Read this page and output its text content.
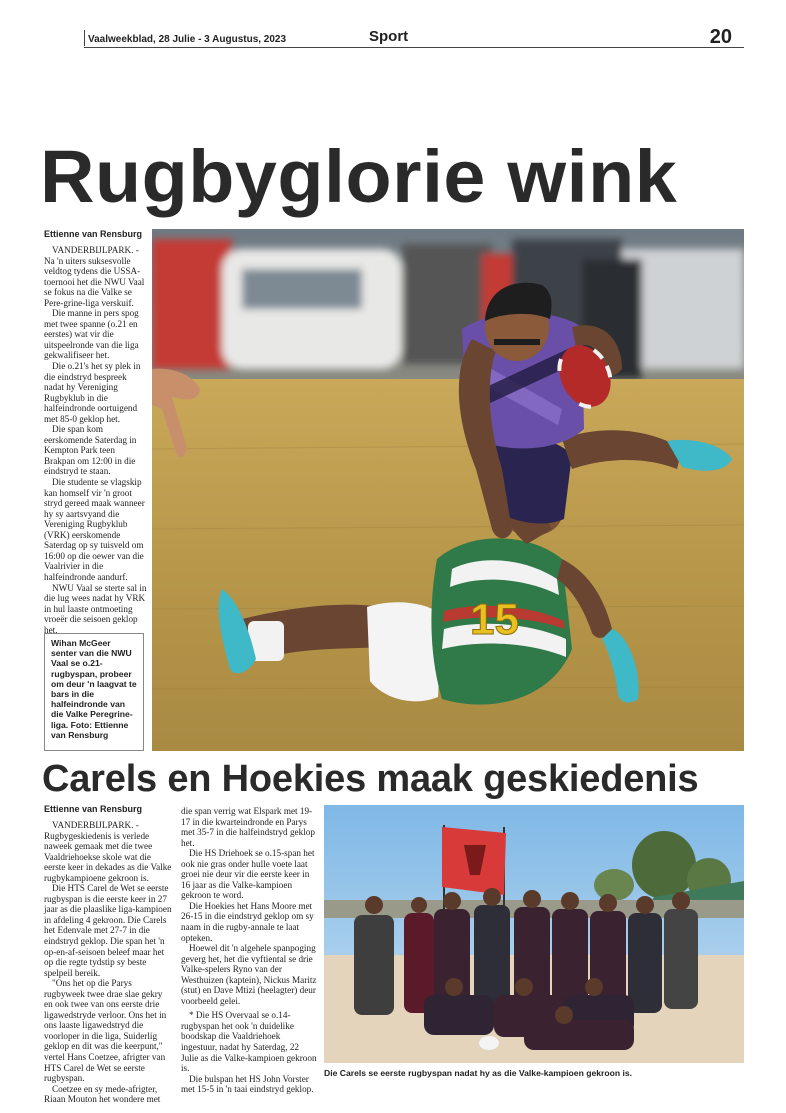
Vaalweekblad, 28 Julie - 3 Augustus, 2023	Sport	20
Rugbyglorie wink
Ettienne van Rensburg

VANDERBIJLPARK. - Na 'n uiters suksesvolle veldtog tydens die USSA-toernooi het die NWU Vaal se fokus na die Valke se Pere-grine-liga verskuif.

Die manne in pers spog met twee spanne (o.21 en eerstes) wat vir die uitspeelronde van die liga gekwalifiseer het.

Die o.21's het sy plek in die eindstryd bespreek nadat hy Vereniging Rugbyklub in die halfeindronde oortuigend met 85-0 geklop het.

Die span kom eerskomende Saterdag in Kempton Park teen Brakpan om 12:00 in die eindstryd te staan.

Die studente se vlagskip kan homself vir 'n groot stryd gereed maak wanneer hy sy aartsvyand die Vereniging Rugbyklub (VRK) eerskomende Saterdag op sy tuisveld om 16:00 op die oewer van die Vaalrivier in die halfeindronde aandurf.

NWU Vaal se sterte sal in die lug wees nadat hy VRK in hul laaste ontmoeting vroeër die seisoen geklop het.	15
Wihan McGeer senter van die NWU Vaal se o.21-rugbyspan, probeer om deur 'n laagvat te bars in die halfeindronde van die Valke Peregrine-liga. Foto: Ettienne van Rensburg
Carels en Hoekies maak geskiedenis
Ettienne van Rensburg

VANDERBIJLPARK. - Rugbygeskiedenis is verlede naweek gemaak met die twee Vaaldriehoekse skole wat die eerste keer in dekades as die Valke rugbykampioene gekroon is.

Die HTS Carel de Wet se eerste rugbyspan is die eerste keer in 27 jaar as die plaaslike liga-kampioen in afdeling 4 gekroon. Die Carels het Edenvale met 27-7 in die eindstryd geklop. Die span het 'n op-en-af-seisoen beleef maar het op die regte tydstip sy beste spelpeil bereik.

"Ons het op die Parys rugbyweek twee drae slae gekry en ook twee van ons eerste drie ligawedstryde verloor. Ons het in ons laaste ligawedstryd die voorloper in die liga, Suiderlig geklop en dit was die keerpunt," vertel Hans Coetzee, afrigter van HTS Carel de Wet se eerste rugbyspan.

Coetzee en sy mede-afrigter, Riaan Mouton het wondere met

die span verrig wat Elspark met 19-17 in die kwarteindronde en Parys met 35-7 in die halfeindstryd geklop het.

Die HS Driehoek se o.15-span het ook nie gras onder hulle voete laat groei nie deur vir die eerste keer in 16 jaar as die Valke-kampioen gekroon te word.

Die Hoekies het Hans Moore met 26-15 in die eindstryd geklop om sy naam in die rugby-annale te laat opteken.

Hoewel dit 'n algehele spanpoging geverg het, het die vyftiental se drie Valke-spelers Ryno van der Westhuizen (kaptein), Nickus Maritz (stut) en Dave Mtizi (heelagter) deur voorbeeld gelei.

* Die HS Overvaal se o.14-rugbyspan het ook 'n duidelike boodskap die Vaaldriehoek ingestuur, nadat hy Saterdag, 22 Julie as die Valke-kampioen gekroon is.

Die bulspan het HS John Vorster met 15-5 in 'n taai eindstryd geklop.

Die Carels se eerste rugbyspan nadat hy as die Valke-kampioen gekroon is.
